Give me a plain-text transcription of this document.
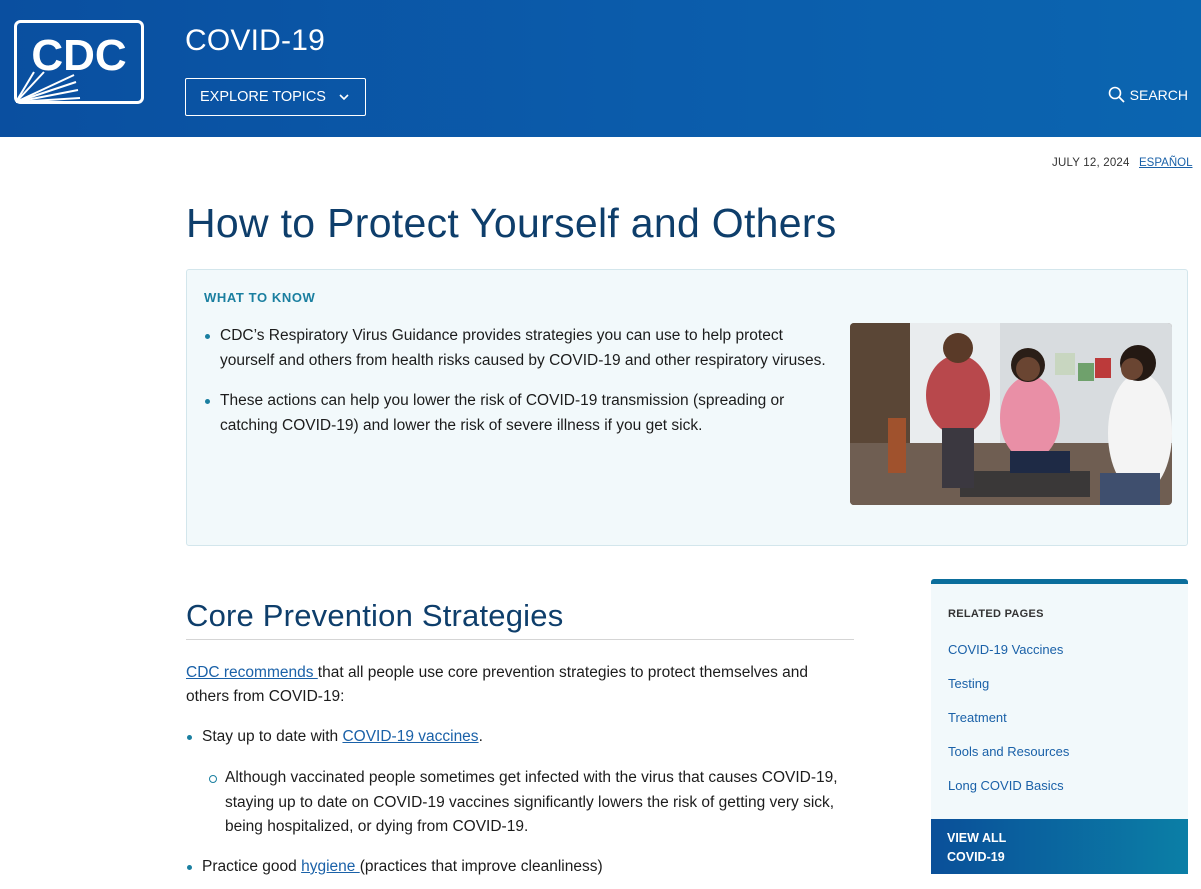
CDC COVID-19
EXPLORE TOPICS	SEARCH
JULY 12, 2024 ESPAÑOL
How to Protect Yourself and Others
WHAT TO KNOW
CDC’s Respiratory Virus Guidance provides strategies you can use to help protect yourself and others from health risks caused by COVID-19 and other respiratory viruses.
These actions can help you lower the risk of COVID-19 transmission (spreading or catching COVID-19) and lower the risk of severe illness if you get sick.
Core Prevention Strategies

CDC recommends that all people use core prevention strategies to protect themselves and others from COVID-19:

Stay up to date with COVID-19 vaccines.
Although vaccinated people sometimes get infected with the virus that causes COVID-19, staying up to date on COVID-19 vaccines significantly lowers the risk of getting very sick, being hospitalized, or dying from COVID-19.
Practice good hygiene (practices that improve cleanliness)
RELATED PAGES
COVID-19 Vaccines
Testing
Treatment
Tools and Resources
Long COVID Basics
VIEW ALL
COVID-19
